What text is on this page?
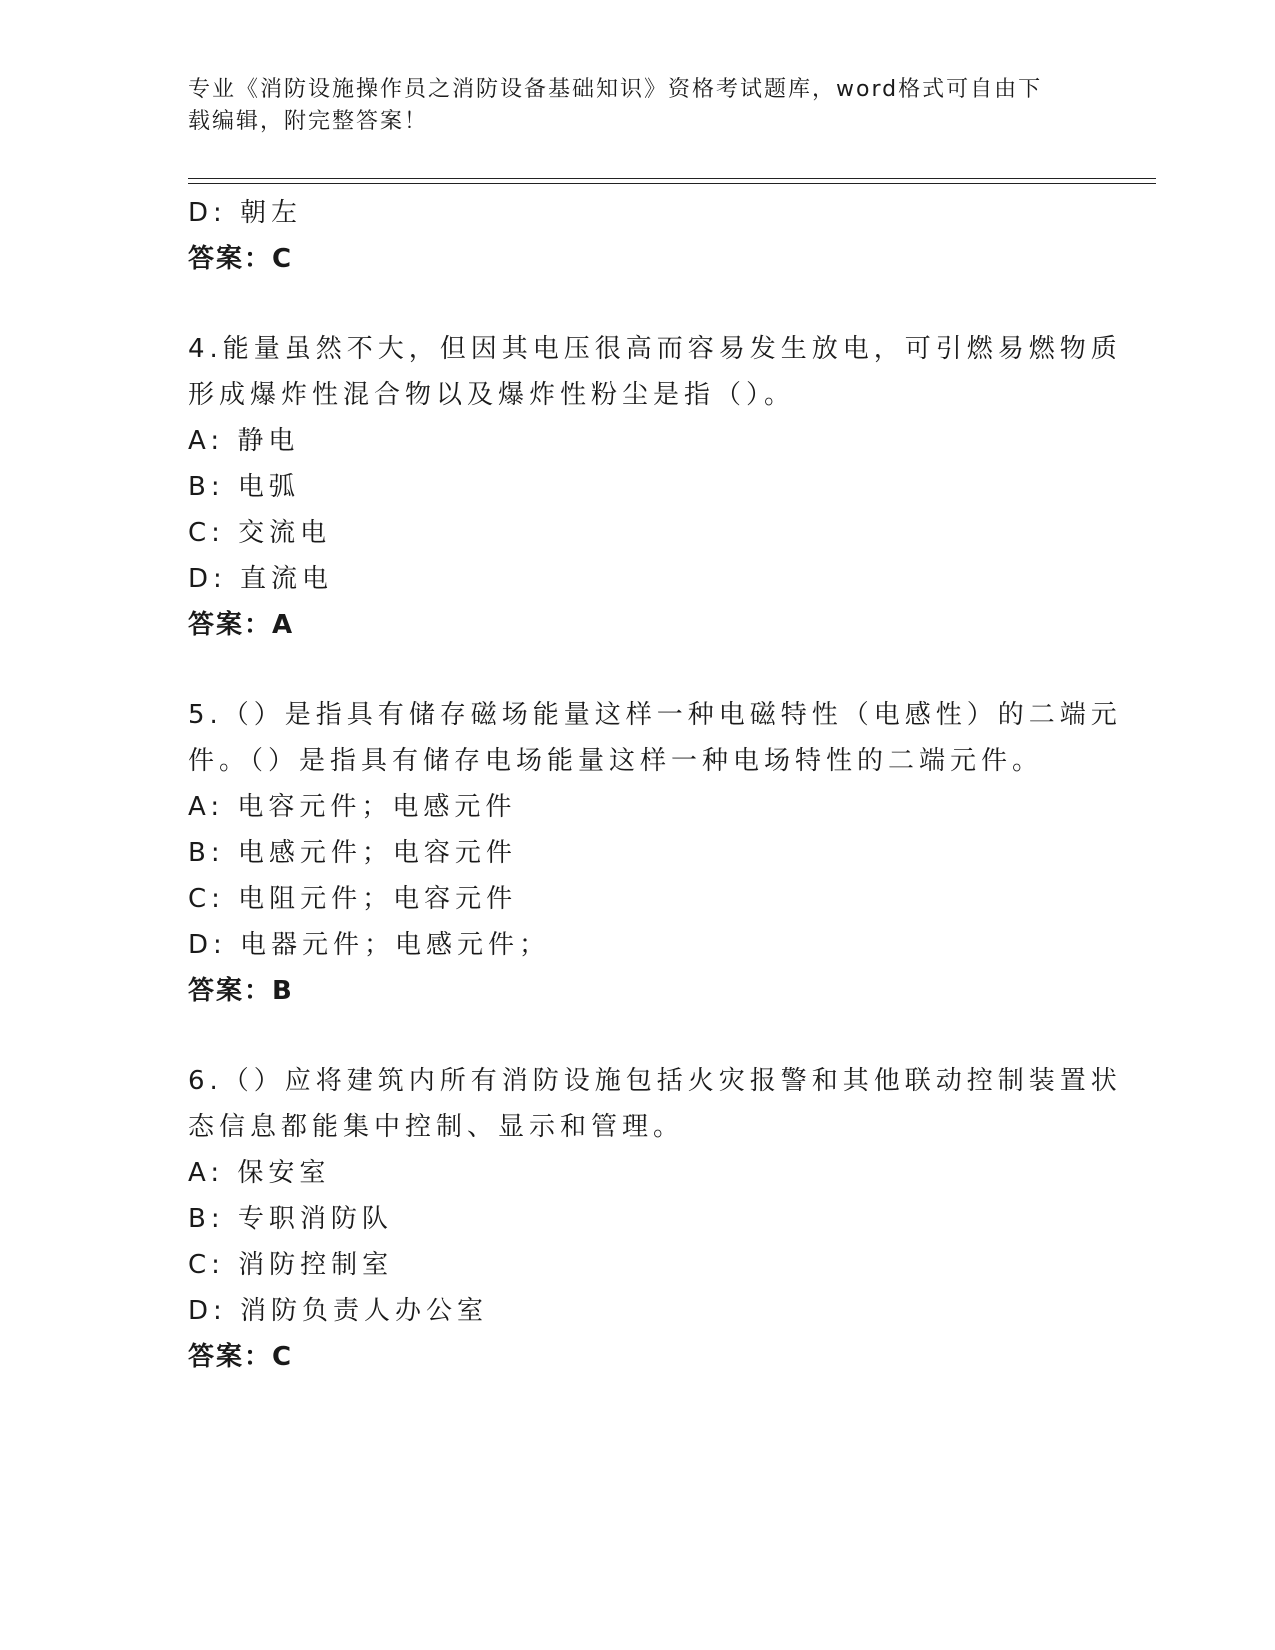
专业《消防设施操作员之消防设备基础知识》资格考试题库，word格式可自由下
载编辑，附完整答案！
D: 朝左
答案：C
4.能量虽然不大，但因其电压很高而容易发生放电，可引燃易燃物质
形成爆炸性混合物以及爆炸性粉尘是指（）。
A: 静电
B: 电弧
C: 交流电
D: 直流电
答案：A
5.（）是指具有储存磁场能量这样一种电磁特性（电感性）的二端元
件。（）是指具有储存电场能量这样一种电场特性的二端元件。
A: 电容元件；电感元件
B: 电感元件；电容元件
C: 电阻元件；电容元件
D: 电器元件；电感元件；
答案：B
6.（）应将建筑内所有消防设施包括火灾报警和其他联动控制装置状
态信息都能集中控制、显示和管理。
A: 保安室
B: 专职消防队
C: 消防控制室
D: 消防负责人办公室
答案：C
